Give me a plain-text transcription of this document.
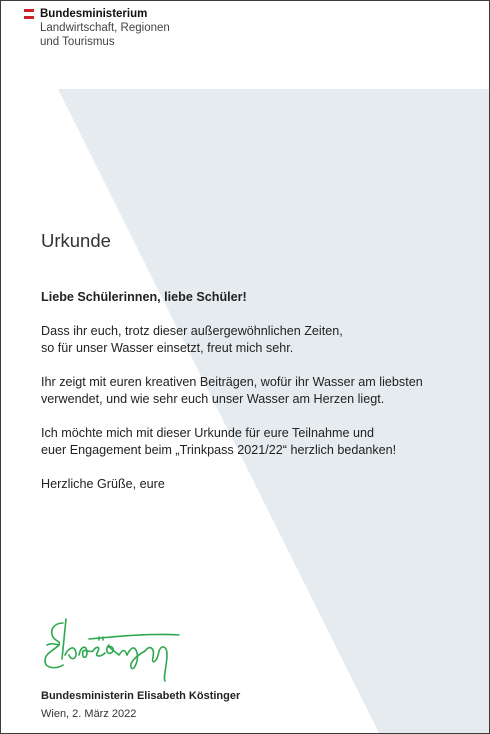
Bundesministerium
Landwirtschaft, Regionen
und Tourismus
Urkunde

Liebe Schülerinnen, liebe Schüler!

Dass ihr euch, trotz dieser außergewöhnlichen Zeiten,
so für unser Wasser einsetzt, freut mich sehr.

Ihr zeigt mit euren kreativen Beiträgen, wofür ihr Wasser am liebsten
verwendet, und wie sehr euch unser Wasser am Herzen liegt.

Ich möchte mich mit dieser Urkunde für eure Teilnahme und
euer Engagement beim „Trinkpass 2021/22“ herzlich bedanken!

Herzliche Grüße, eure

Bundesministerin Elisabeth Köstinger
Wien, 2. März 2022
